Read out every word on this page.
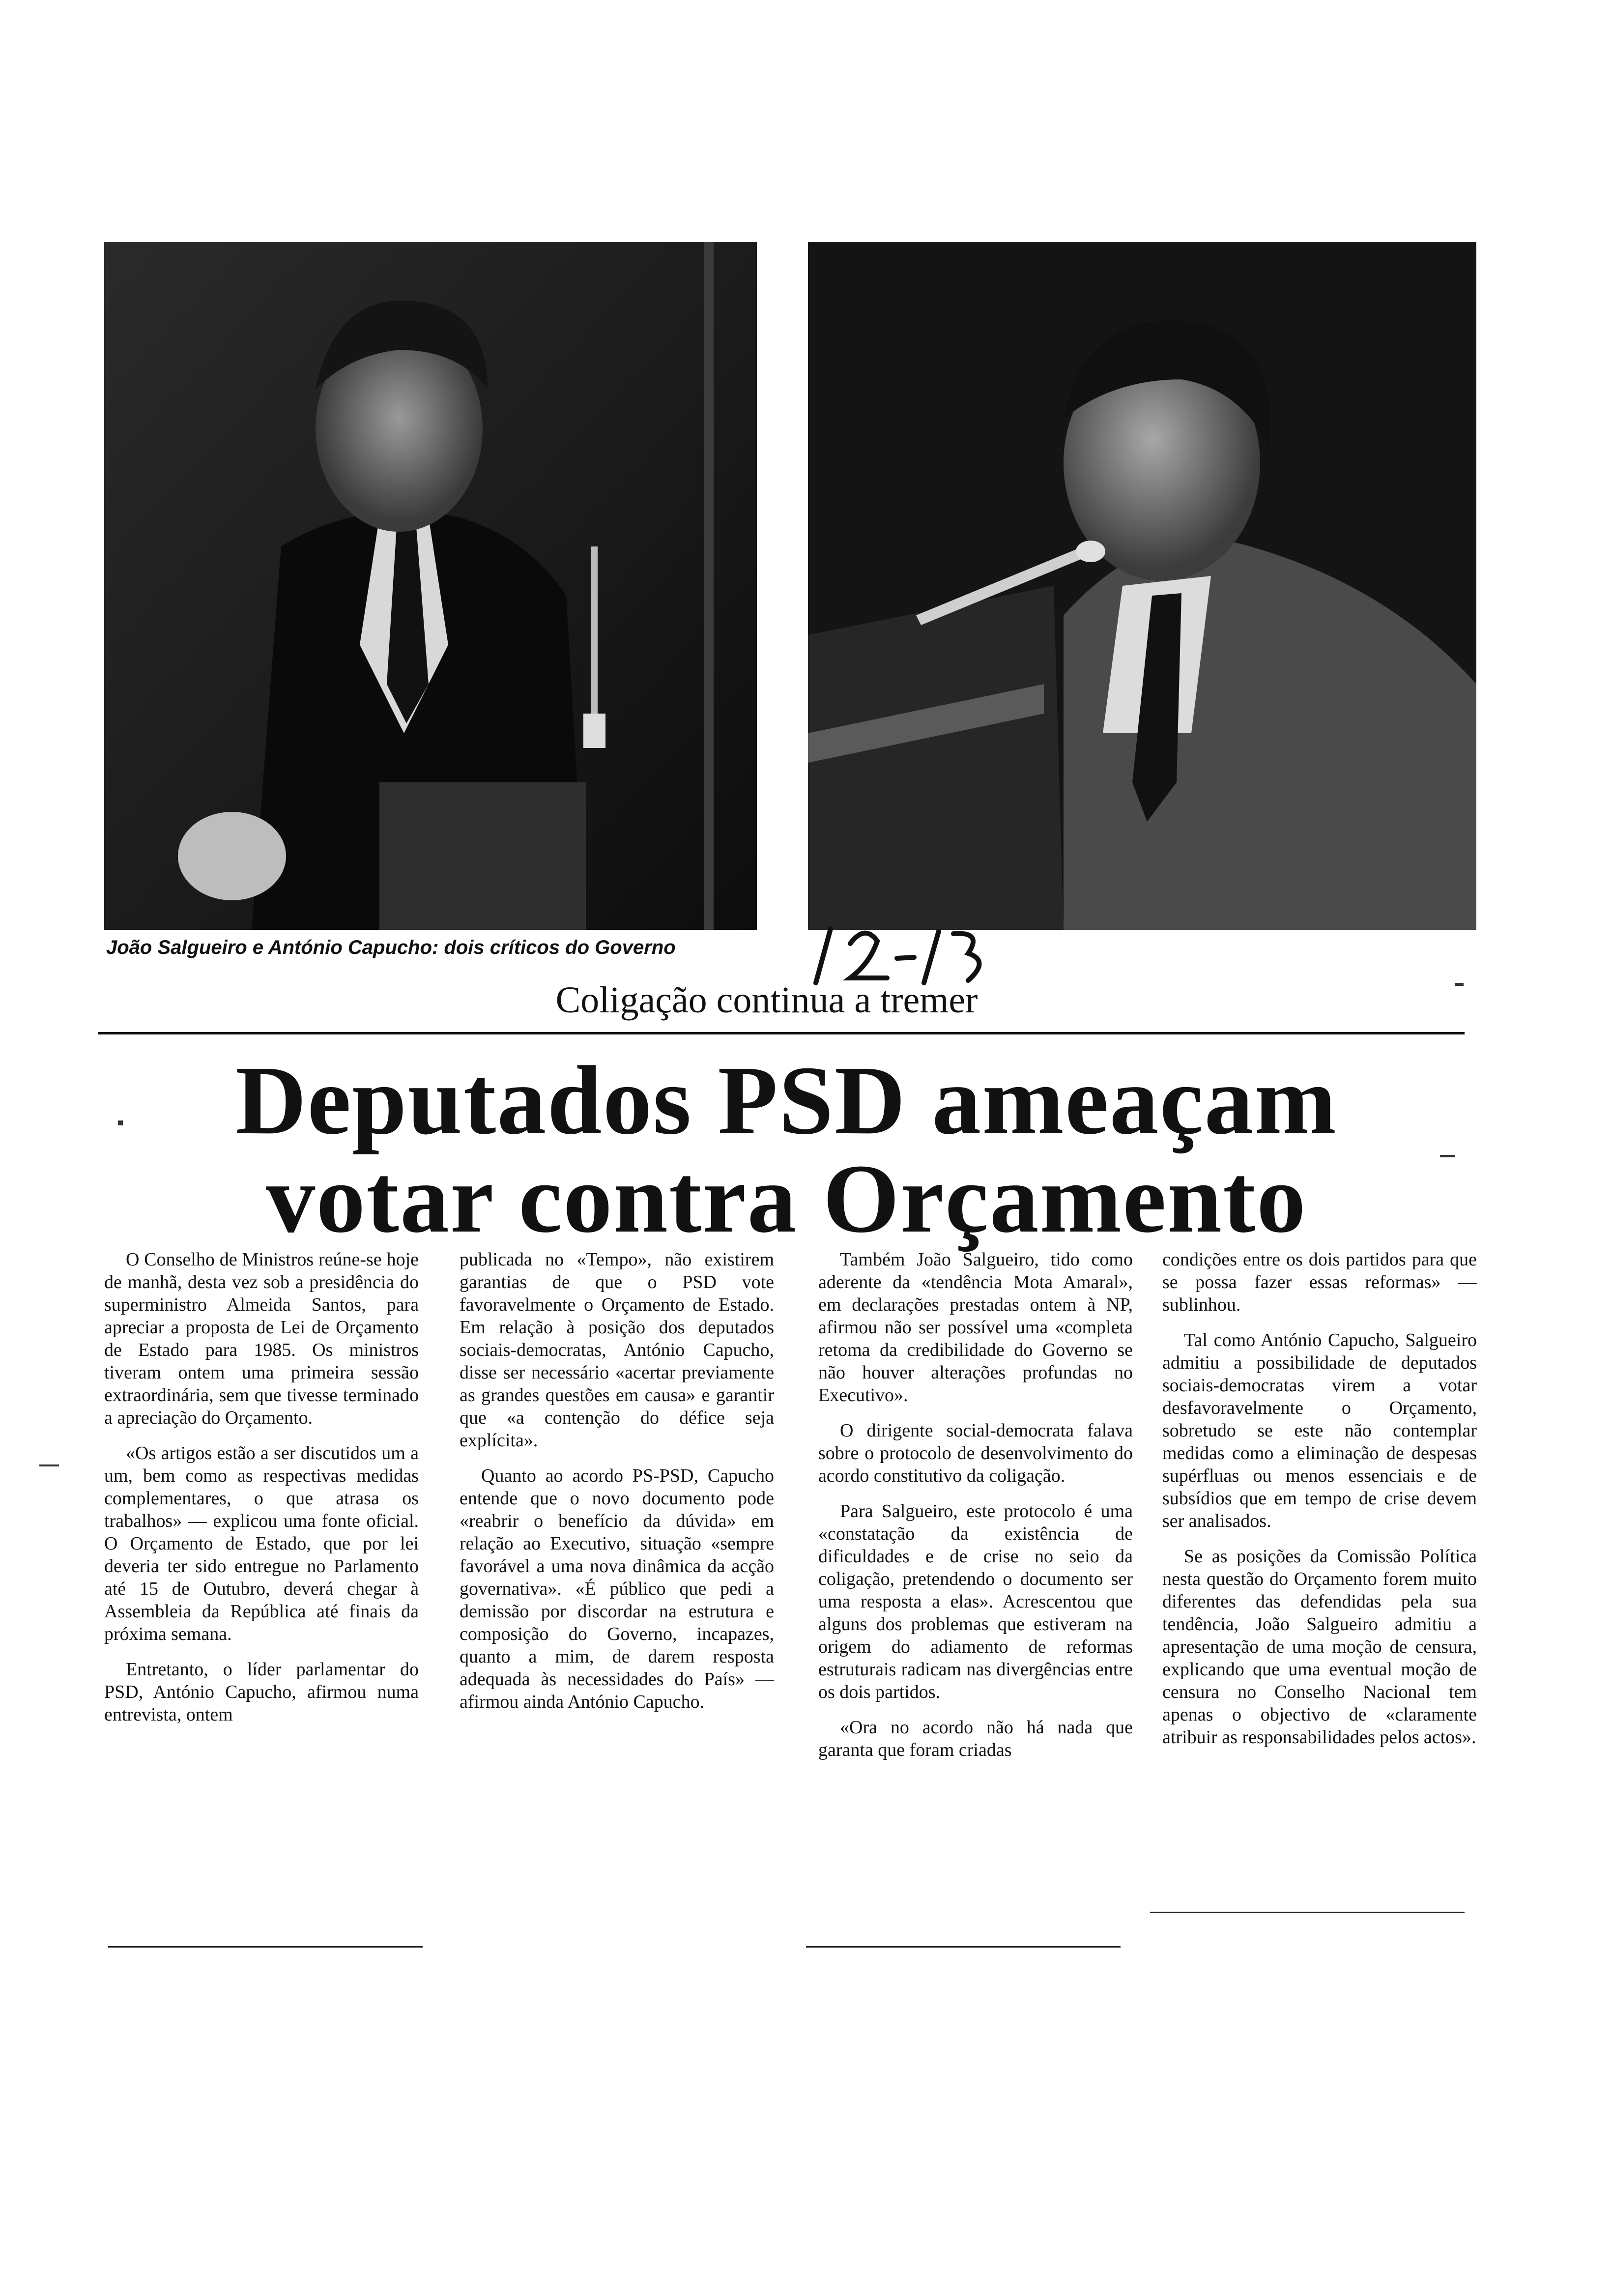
João Salgueiro e António Capucho: dois críticos do Governo
Coligação continua a tremer
Deputados PSD ameaçam
votar contra Orçamento

O Conselho de Ministros reúne-se hoje de manhã, desta vez sob a presidência do superministro Almeida Santos, para apreciar a proposta de Lei de Orçamento de Estado para 1985. Os ministros tiveram ontem uma primeira sessão extraordinária, sem que tivesse terminado a apreciação do Orçamento.

«Os artigos estão a ser discutidos um a um, bem como as respectivas medidas complementares, o que atrasa os trabalhos» — explicou uma fonte oficial. O Orçamento de Estado, que por lei deveria ter sido entregue no Parlamento até 15 de Outubro, deverá chegar à Assembleia da República até finais da próxima semana.

Entretanto, o líder parlamentar do PSD, António Capucho, afirmou numa entrevista, ontem

publicada no «Tempo», não existirem garantias de que o PSD vote favoravelmente o Orçamento de Estado. Em relação à posição dos deputados sociais-democratas, António Capucho, disse ser necessário «acertar previamente as grandes questões em causa» e garantir que «a contenção do défice seja explícita».

Quanto ao acordo PS-PSD, Capucho entende que o novo documento pode «reabrir o benefício da dúvida» em relação ao Executivo, situação «sempre favorável a uma nova dinâmica da acção governativa». «É público que pedi a demissão por discordar na estrutura e composição do Governo, incapazes, quanto a mim, de darem resposta adequada às necessidades do País» — afirmou ainda António Capucho.

Também João Salgueiro, tido como aderente da «tendência Mota Amaral», em declarações prestadas ontem à NP, afirmou não ser possível uma «completa retoma da credibilidade do Governo se não houver alterações profundas no Executivo».

O dirigente social-democrata falava sobre o protocolo de desenvolvimento do acordo constitutivo da coligação.

Para Salgueiro, este protocolo é uma «constatação da existência de dificuldades e de crise no seio da coligação, pretendendo o documento ser uma resposta a elas». Acrescentou que alguns dos problemas que estiveram na origem do adiamento de reformas estruturais radicam nas divergências entre os dois partidos.

«Ora no acordo não há nada que garanta que foram criadas

condições entre os dois partidos para que se possa fazer essas reformas» — sublinhou.

Tal como António Capucho, Salgueiro admitiu a possibilidade de deputados sociais-democratas virem a votar desfavoravelmente o Orçamento, sobretudo se este não contemplar medidas como a eliminação de despesas supérfluas ou menos essenciais e de subsídios que em tempo de crise devem ser analisados.

Se as posições da Comissão Política nesta questão do Orçamento forem muito diferentes das defendidas pela sua tendência, João Salgueiro admitiu a apresentação de uma moção de censura, explicando que uma eventual moção de censura no Conselho Nacional tem apenas o objectivo de «claramente atribuir as responsabilidades pelos actos».
